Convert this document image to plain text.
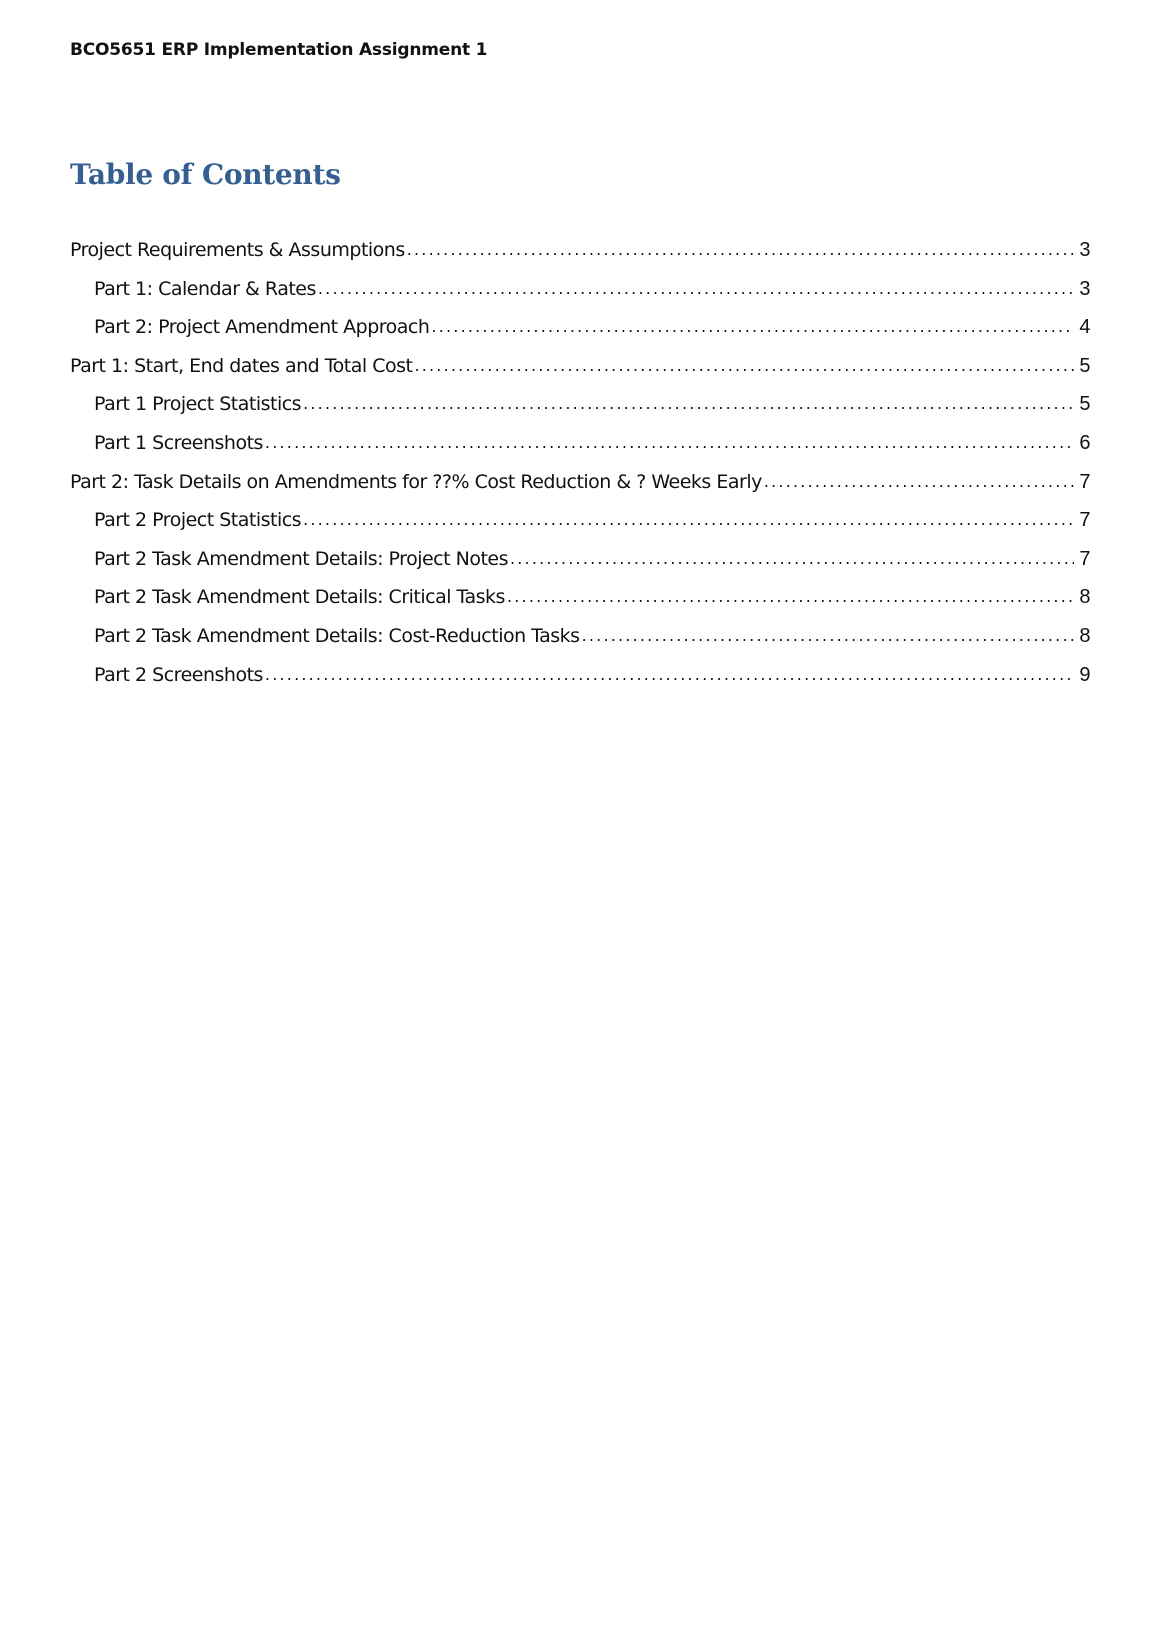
BCO5651 ERP Implementation Assignment 1
Table of Contents
Project Requirements & Assumptions .....	3
Part 1: Calendar & Rates .....	3
Part 2: Project Amendment Approach .....	4
Part 1: Start, End dates and Total Cost .....	5
Part 1 Project Statistics .....	5
Part 1 Screenshots .....	6
Part 2: Task Details on Amendments for ??% Cost Reduction & ? Weeks Early .....	7
Part 2 Project Statistics .....	7
Part 2 Task Amendment Details: Project Notes .....	7
Part 2 Task Amendment Details: Critical Tasks .....	8
Part 2 Task Amendment Details: Cost-Reduction Tasks .....	8
Part 2 Screenshots .....	9
